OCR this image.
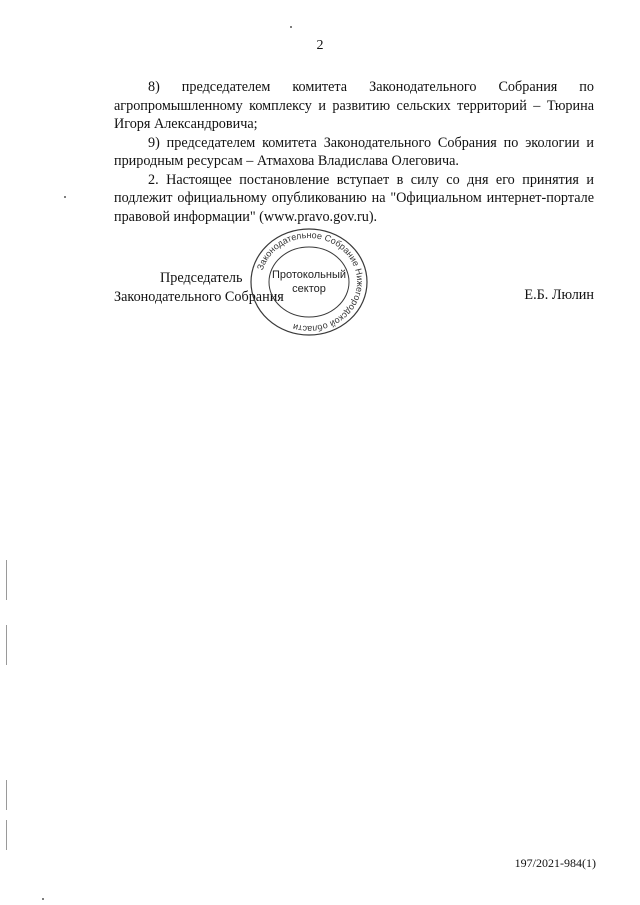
2

8) председателем комитета Законодательного Собрания по агропромышленному комплексу и развитию сельских территорий – Тюрина Игоря Александровича;

9) председателем комитета Законодательного Собрания по экологии и природным ресурсам – Атмахова Владислава Олеговича.

2. Настоящее постановление вступает в силу со дня его принятия и подлежит официальному опубликованию на "Официальном интернет-портале правовой информации" (www.pravo.gov.ru).

Председатель
Законодательного Собрания	Е.Б. Люлин
Законодательное Собрание Нижегородской области
Протокольный
сектор
197/2021-984(1)
